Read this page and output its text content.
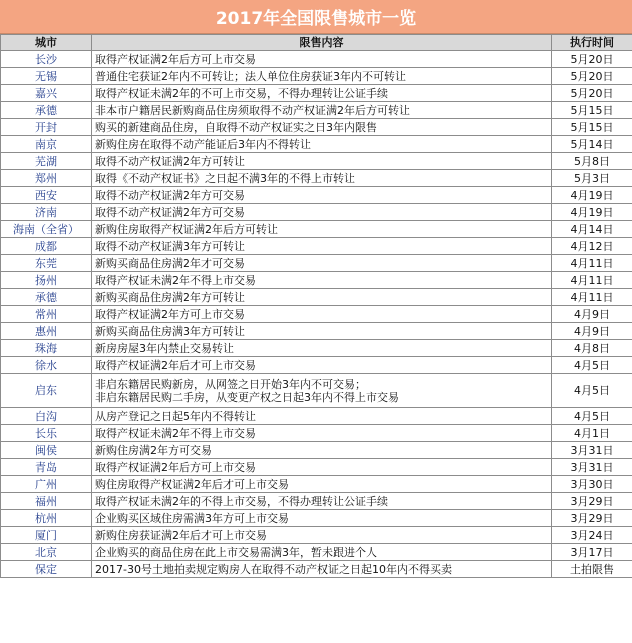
2017年全国限售城市一览
城市	限售内容	执行时间
长沙	取得产权证满2年后方可上市交易	5月20日
无锡	普通住宅获证2年内不可转让；法人单位住房获证3年内不可转让	5月20日
嘉兴	取得产权证未满2年的不可上市交易，不得办理转让公证手续	5月20日
承德	非本市户籍居民新购商品住房须取得不动产权证满2年后方可转让	5月15日
开封	购买的新建商品住房，自取得不动产权证实之日3年内限售	5月15日
南京	新购住房在取得不动产能证后3年内不得转让	5月14日
芜湖	取得不动产权证满2年方可转让	5月8日
郑州	取得《不动产权证书》之日起不满3年的不得上市转让	5月3日
西安	取得不动产权证满2年方可交易	4月19日
济南	取得不动产权证满2年方可交易	4月19日
海南（全省）	新购住房取得产权证满2年后方可转让	4月14日
成都	取得不动产权证满3年方可转让	4月12日
东莞	新购买商品住房满2年才可交易	4月11日
扬州	取得产权证未满2年不得上市交易	4月11日
承德	新购买商品住房满2年方可转让	4月11日
常州	取得产权证满2年方可上市交易	4月9日
惠州	新购买商品住房满3年方可转让	4月9日
珠海	新房房屋3年内禁止交易转让	4月8日
徐水	取得产权证满2年后才可上市交易	4月5日
启东	非启东籍居民购新房，从网签之日开始3年内不可交易；
非启东籍居民购二手房，从变更产权之日起3年内不得上市交易	4月5日
白沟	从房产登记之日起5年内不得转让	4月5日
长乐	取得产权证未满2年不得上市交易	4月1日
闽侯	新购住房满2年方可交易	3月31日
青岛	取得产权证满2年后方可上市交易	3月31日
广州	购住房取得产权证满2年后才可上市交易	3月30日
福州	取得产权证未满2年的不得上市交易，不得办理转让公证手续	3月29日
杭州	企业购买区域住房需满3年方可上市交易	3月29日
厦门	新购住房获证满2年后才可上市交易	3月24日
北京	企业购买的商品住房在此上市交易需满3年，暂未跟进个人	3月17日
保定	2017-30号土地拍卖规定购房人在取得不动产权证之日起10年内不得买卖	土拍限售
